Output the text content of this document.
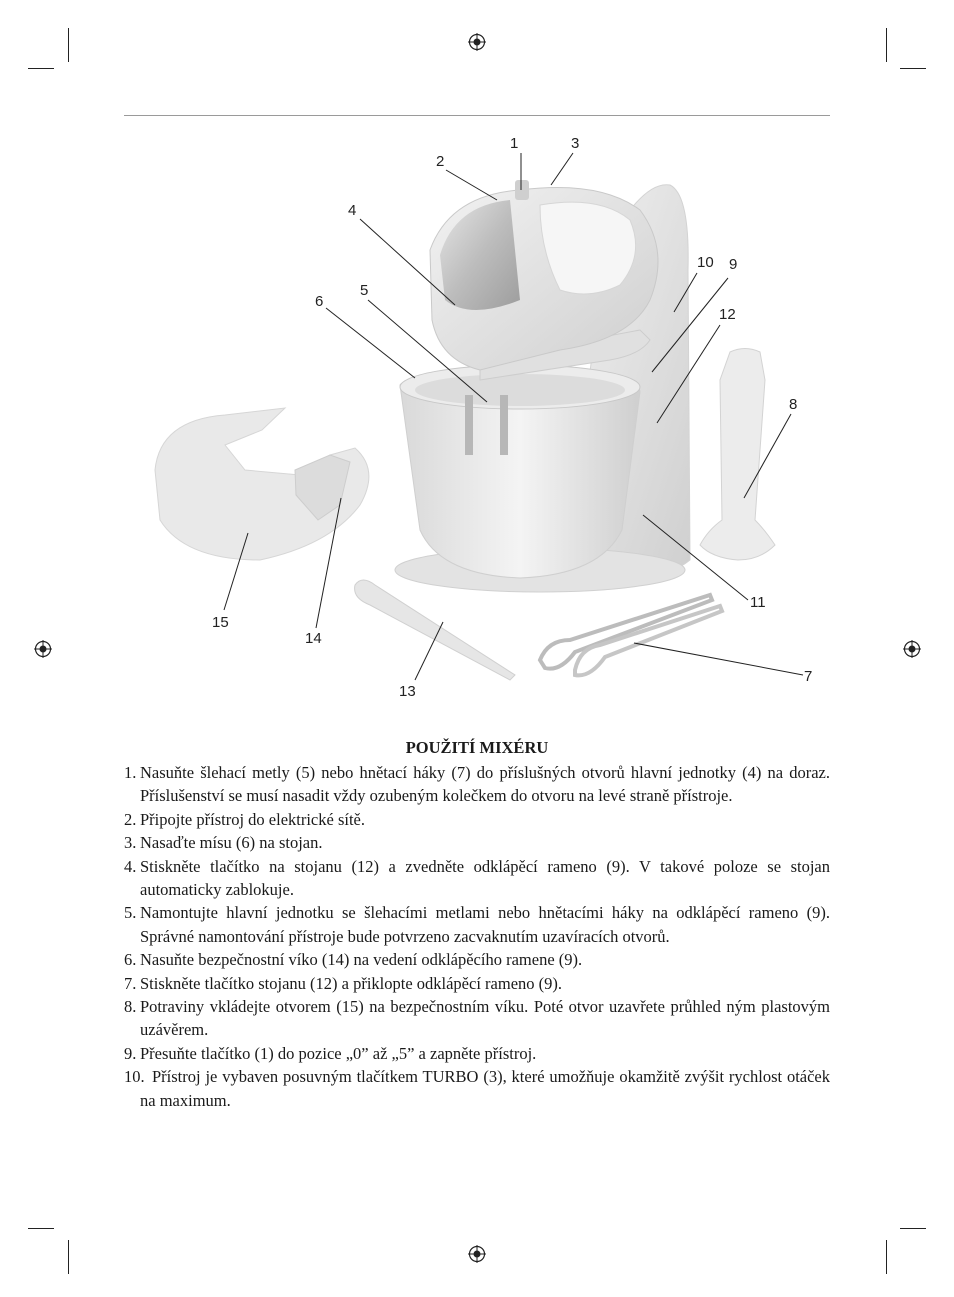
1
2
3
4
5
6
7
8
9
10
11
12
13
14
15
POUŽITÍ MIXÉRU
1. Nasuňte šlehací metly (5) nebo hnětací háky (7) do příslušných otvorů hlavní jednotky (4) na doraz. Příslušenství se musí nasadit vždy ozubeným kolečkem do otvoru na levé straně přístroje.
2. Připojte přístroj do elektrické sítě.
3. Nasaďte mísu (6) na stojan.
4. Stiskněte tlačítko na stojanu (12) a zvedněte odklápěcí rameno (9). V takové poloze se stojan automaticky zablokuje.
5. Namontujte hlavní jednotku se šlehacími metlami nebo hnětacími háky na odklápěcí rameno (9). Správné namontování přístroje bude potvrzeno zacvaknutím uzavíracích otvorů.
6. Nasuňte bezpečnostní víko (14) na vedení odklápěcího ramene (9).
7. Stiskněte tlačítko stojanu (12) a přiklopte odklápěcí rameno (9).
8. Potraviny vkládejte otvorem (15) na bezpečnostním víku. Poté otvor uzavřete průhled ným plastovým uzávěrem.
9. Přesuňte tlačítko (1) do pozice „0” až „5” a zapněte přístroj.
10. Přístroj je vybaven posuvným tlačítkem TURBO (3), které umožňuje okamžitě zvýšit rychlost otáček na maximum.
